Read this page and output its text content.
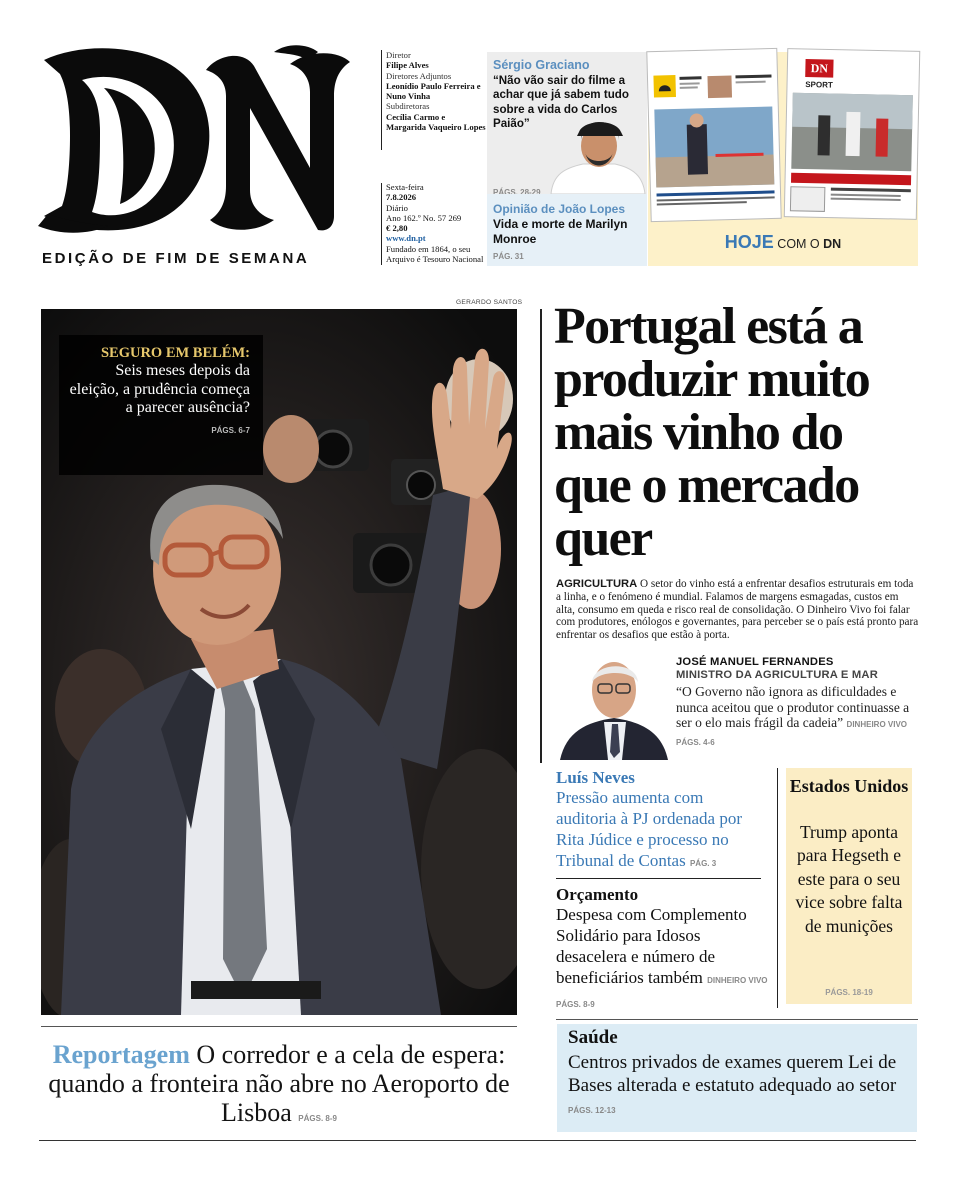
EDIÇÃO DE FIM DE SEMANA
Diretor
Filipe Alves
Diretores Adjuntos
Leonídio Paulo Ferreira e Nuno Vinha
Subdiretoras
Cecília Carmo e Margarida Vaqueiro Lopes
Sexta-feira
7.8.2026
Diário
Ano 162.º No. 57 269
€ 2,80
www.dn.pt
Fundado em 1864, o seu Arquivo é Tesouro Nacional
Sérgio Graciano
“Não vão sair do filme a achar que já sabem tudo sobre a vida do Carlos Paião”
PÁGS. 28-29
Opinião de João Lopes
Vida e morte de Marilyn Monroe
PÁG. 31
DN
SPORT
HOJE COM O DN
GERARDO SANTOS
SEGURO EM BELÉM:
Seis meses depois da eleição, a prudência começa a parecer ausência?
PÁGS. 6-7
Portugal está a produzir muito mais vinho do que o mercado quer
AGRICULTURA O setor do vinho está a enfrentar desafios estruturais em toda a linha, e o fenómeno é mundial. Falamos de margens esmagadas, custos em alta, consumo em queda e risco real de consolidação. O Dinheiro Vivo foi falar com produtores, enólogos e governantes, para perceber se o país está pronto para enfrentar os desafios que estão à porta.
JOSÉ MANUEL FERNANDES
MINISTRO DA AGRICULTURA E MAR
“O Governo não ignora as dificuldades e nunca aceitou que o produtor continuasse a ser o elo mais frágil da cadeia” DINHEIRO VIVO PÁGS. 4-6
Luís Neves
Pressão aumenta com auditoria à PJ ordenada por Rita Júdice e processo no Tribunal de Contas PÁG. 3
Orçamento
Despesa com Complemento Solidário para Idosos desacelera e número de beneficiários também DINHEIRO VIVO PÁGS. 8-9
Estados Unidos
Trump aponta para Hegseth e este para o seu vice sobre falta de munições
PÁGS. 18-19
Reportagem O corredor e a cela de espera: quando a fronteira não abre no Aeroporto de Lisboa PÁGS. 8-9
Saúde
Centros privados de exames querem Lei de Bases alterada e estatuto adequado ao setor PÁGS. 12-13
